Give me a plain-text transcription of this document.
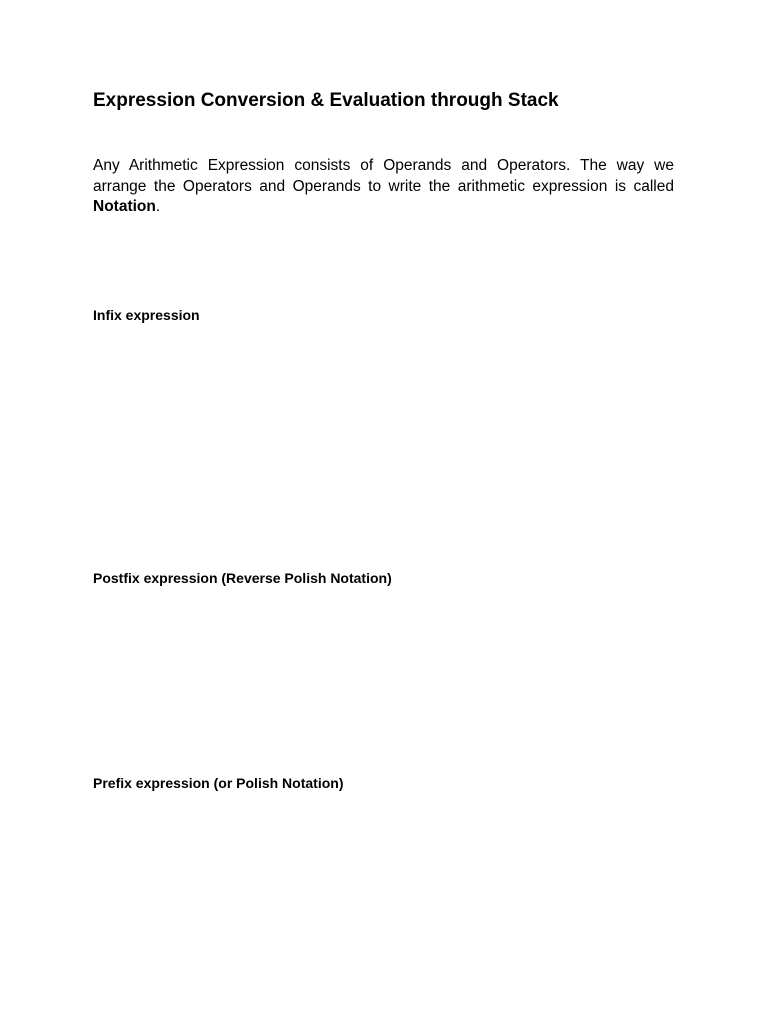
Expression Conversion & Evaluation through Stack

Any Arithmetic Expression consists of Operands and Operators. The way we arrange the Operators and Operands to write the arithmetic expression is called Notation.

Infix expression
Postfix expression (Reverse Polish Notation)
Prefix expression (or Polish Notation)
